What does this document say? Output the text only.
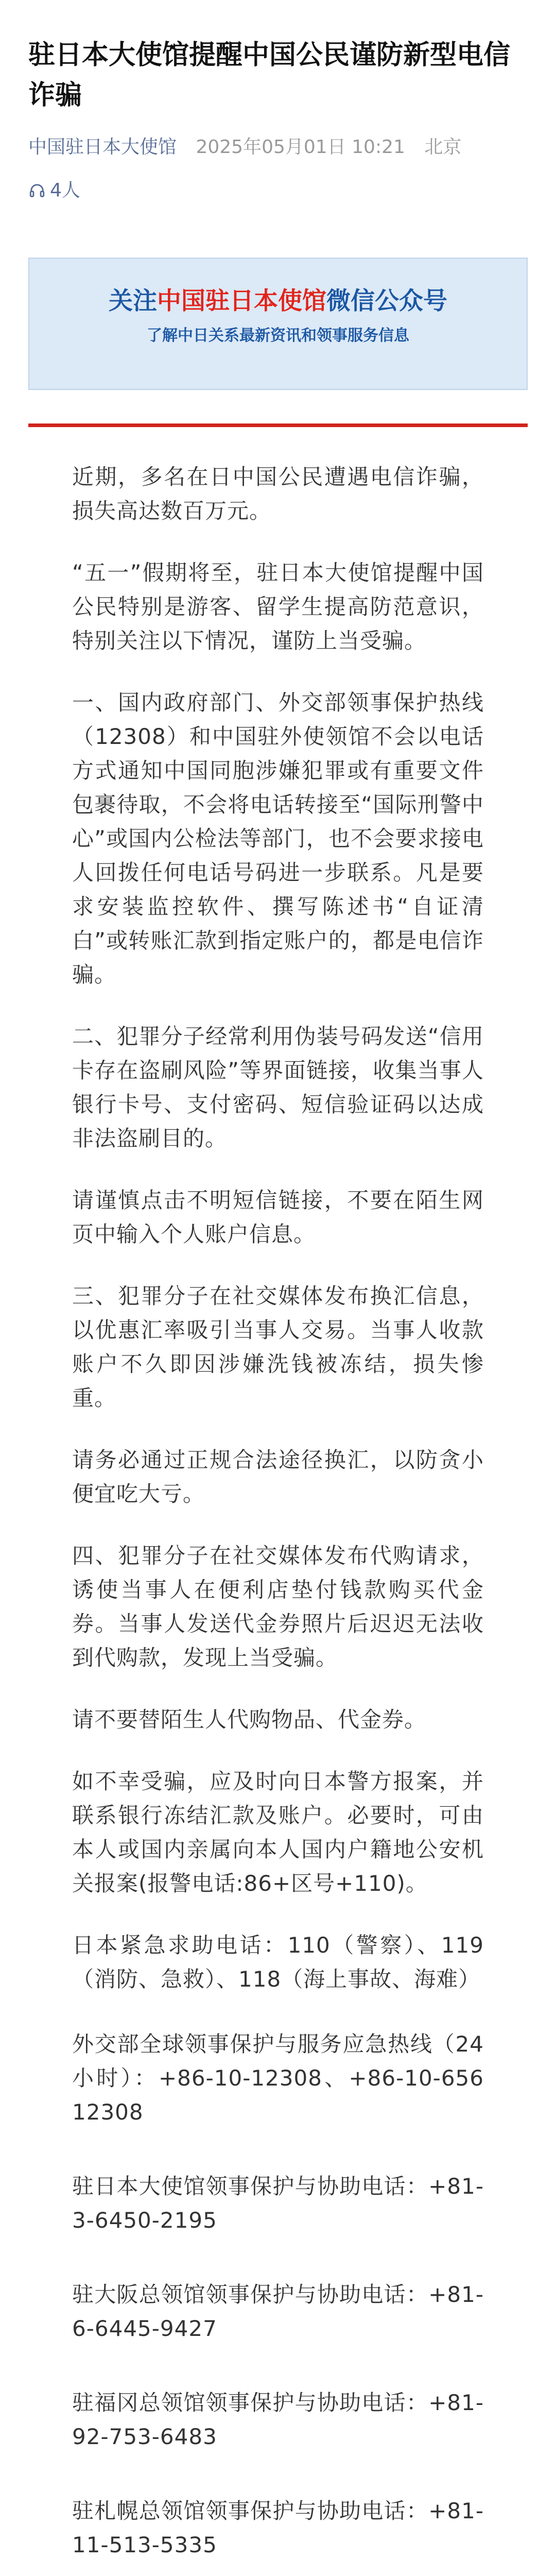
驻日本大使馆提醒中国公民谨防新型电信诈骗
中国驻日本大使馆 2025年05月01日 10:21 北京
4人
关注中国驻日本使馆微信公众号
了解中日关系最新资讯和领事服务信息

近期，多名在日中国公民遭遇电信诈骗，损失高达数百万元。

“五一”假期将至，驻日本大使馆提醒中国公民特别是游客、留学生提高防范意识，特别关注以下情况，谨防上当受骗。

一、国内政府部门、外交部领事保护热线（12308）和中国驻外使领馆不会以电话方式通知中国同胞涉嫌犯罪或有重要文件包裹待取，不会将电话转接至“国际刑警中心”或国内公检法等部门，也不会要求接电人回拨任何电话号码进一步联系。凡是要求安装监控软件、撰写陈述书“自证清白”或转账汇款到指定账户的，都是电信诈骗。

二、犯罪分子经常利用伪装号码发送“信用卡存在盗刷风险”等界面链接，收集当事人银行卡号、支付密码、短信验证码以达成非法盗刷目的。

请谨慎点击不明短信链接，不要在陌生网页中输入个人账户信息。

三、犯罪分子在社交媒体发布换汇信息，以优惠汇率吸引当事人交易。当事人收款账户不久即因涉嫌洗钱被冻结，损失惨重。

请务必通过正规合法途径换汇，以防贪小便宜吃大亏。

四、犯罪分子在社交媒体发布代购请求，诱使当事人在便利店垫付钱款购买代金券。当事人发送代金券照片后迟迟无法收到代购款，发现上当受骗。

请不要替陌生人代购物品、代金券。

如不幸受骗，应及时向日本警方报案，并联系银行冻结汇款及账户。必要时，可由本人或国内亲属向本人国内户籍地公安机关报案(报警电话:86+区号+110)。

日本紧急求助电话：110（警察）、119（消防、急救）、118（海上事故、海难）

外交部全球领事保护与服务应急热线（24小时）：+86-10-12308、+86-10-65612308

驻日本大使馆领事保护与协助电话：+81-3-6450-2195

驻大阪总领馆领事保护与协助电话：+81-6-6445-9427

驻福冈总领馆领事保护与协助电话：+81-92-753-6483

驻札幌总领馆领事保护与协助电话：+81-11-513-5335
